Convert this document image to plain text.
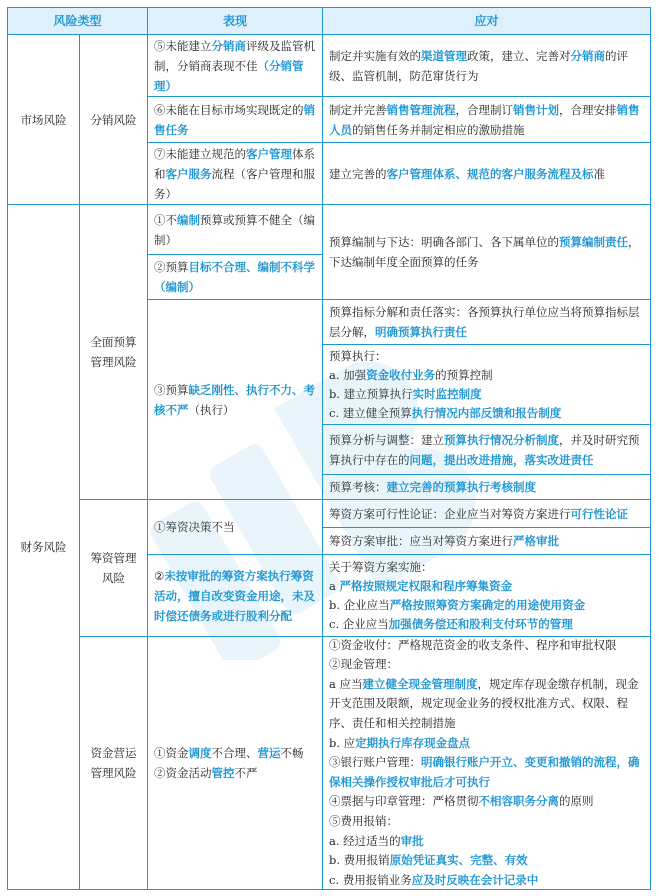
风险类型	表现	应对
市场风险 分销风险
⑤未能建立分销商评级及监管机制，分销商表现不佳（分销管理）
制定并实施有效的渠道管理政策，建立、完善对分销商的评级、监管机制，防范窜货行为
⑥未能在目标市场实现既定的销售任务
制定并完善销售管理流程，合理制订销售计划，合理安排销售人员的销售任务并制定相应的激励措施
⑦未能建立规范的客户管理体系和客户服务流程（客户管理和服务）
建立完善的客户管理体系、规范的客户服务流程及标准
财务风险
全面预算管理风险
①不编制预算或预算不健全（编制）
②预算目标不合理、编制不科学（编制）
预算编制与下达：明确各部门、各下属单位的预算编制责任，下达编制年度全面预算的任务
③预算缺乏刚性、执行不力、考核不严（执行）
预算指标分解和责任落实：各预算执行单位应当将预算指标层层分解，明确预算执行责任
预算执行：
a. 加强资金收付业务的预算控制
b. 建立预算执行实时监控制度
c. 建立健全预算执行情况内部反馈和报告制度
预算分析与调整：建立预算执行情况分析制度，并及时研究预算执行中存在的问题，提出改进措施，落实改进责任
预算考核：建立完善的预算执行考核制度
筹资管理风险
①筹资决策不当
筹资方案可行性论证：企业应当对筹资方案进行可行性论证
筹资方案审批：应当对筹资方案进行严格审批
②未按审批的筹资方案执行筹资活动，擅自改变资金用途，未及时偿还债务或进行股利分配
关于筹资方案实施：
a 严格按照规定权限和程序筹集资金
b. 企业应当严格按照筹资方案确定的用途使用资金
c. 企业应当加强债务偿还和股利支付环节的管理
资金营运管理风险
①资金调度不合理、营运不畅
②资金活动管控不严
①资金收付：严格规范资金的收支条件、程序和审批权限
②现金管理：
a 应当建立健全现金管理制度，规定库存现金缴存机制，现金开支范围及限额，规定现金业务的授权批准方式、权限、程序、责任和相关控制措施
b. 应定期执行库存现金盘点
③银行账户管理：明确银行账户开立、变更和撤销的流程，确保相关操作授权审批后才可执行
④票据与印章管理：严格贯彻不相容职务分离的原则
⑤费用报销：
a. 经过适当的审批
b. 费用报销原始凭证真实、完整、有效
c. 费用报销业务应及时反映在会计记录中
